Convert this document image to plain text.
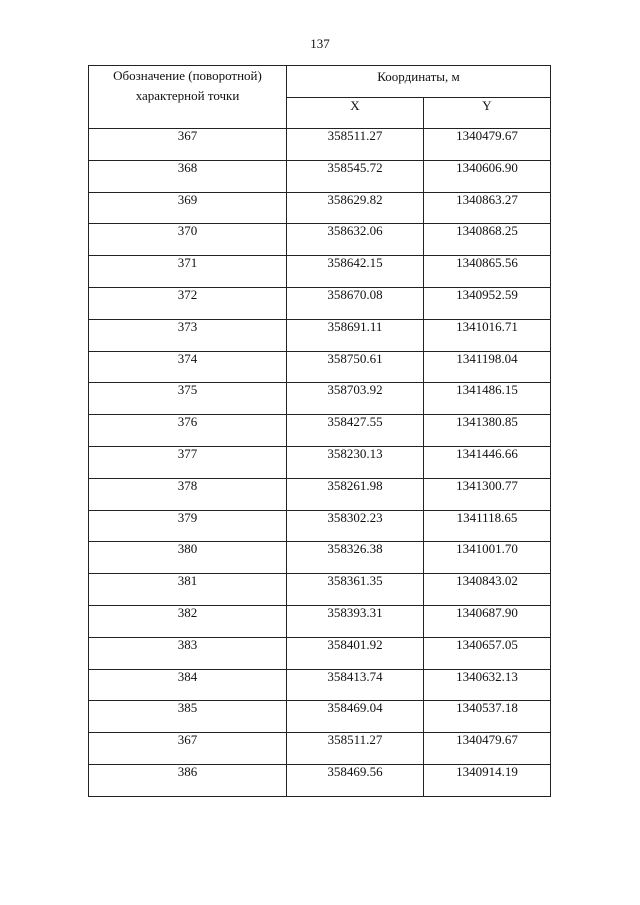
137
Обозначение (поворотной) характерной точки	Координаты, м	
	X	Y
367	358511.27	1340479.67
368	358545.72	1340606.90
369	358629.82	1340863.27
370	358632.06	1340868.25
371	358642.15	1340865.56
372	358670.08	1340952.59
373	358691.11	1341016.71
374	358750.61	1341198.04
375	358703.92	1341486.15
376	358427.55	1341380.85
377	358230.13	1341446.66
378	358261.98	1341300.77
379	358302.23	1341118.65
380	358326.38	1341001.70
381	358361.35	1340843.02
382	358393.31	1340687.90
383	358401.92	1340657.05
384	358413.74	1340632.13
385	358469.04	1340537.18
367	358511.27	1340479.67
386	358469.56	1340914.19
